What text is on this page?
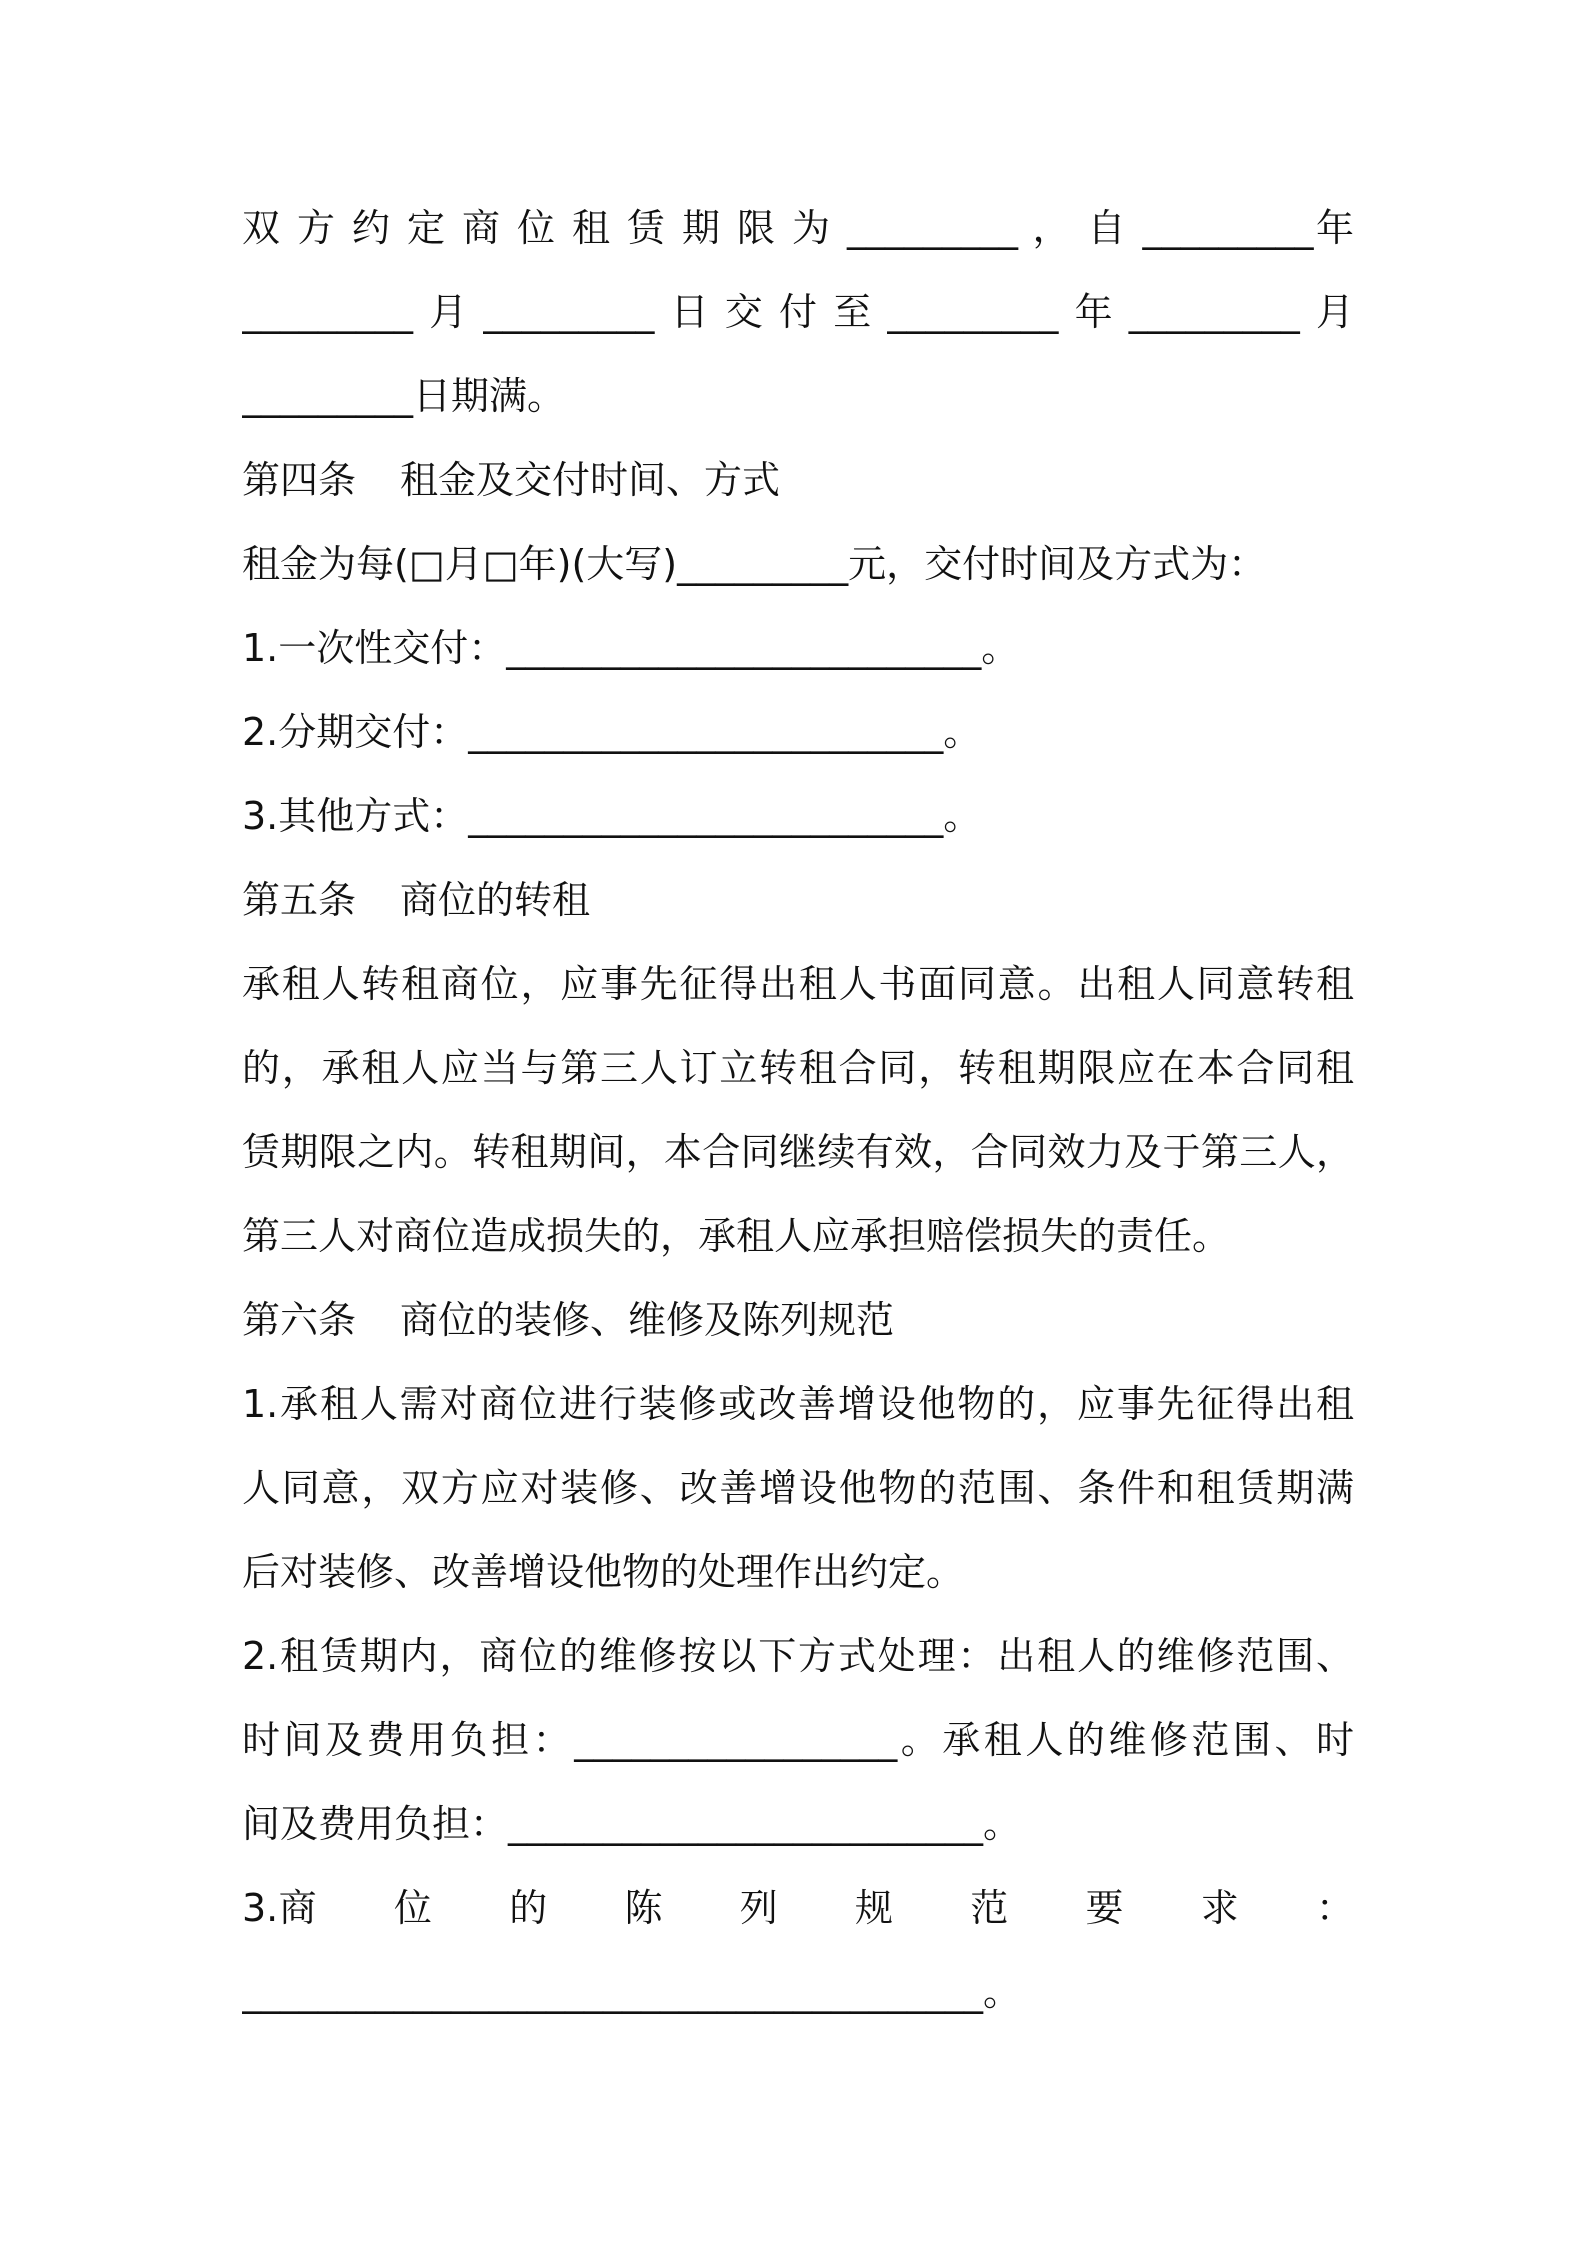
双 方 约 定 商 位 租 赁 期 限 为 _________ ， 自 _________年
_________月_________日交付至_________年_________月
_________日期满。
第四条 租金及交付时间、方式
租金为每(□月□年)(大写)_________元，交付时间及方式为：
1.一次性交付：_________________________。
2.分期交付：_________________________。
3.其他方式：_________________________。
第五条 商位的转租
承租人转租商位，应事先征得出租人书面同意。出租人同意转租
的，承租人应当与第三人订立转租合同，转租期限应在本合同租
赁期限之内。转租期间，本合同继续有效，合同效力及于第三人，
第三人对商位造成损失的，承租人应承担赔偿损失的责任。
第六条 商位的装修、维修及陈列规范
1.承租人需对商位进行装修或改善增设他物的，应事先征得出租
人同意，双方应对装修、改善增设他物的范围、条件和租赁期满
后对装修、改善增设他物的处理作出约定。
2.租赁期内，商位的维修按以下方式处理：出租人的维修范围、
时间及费用负担：_________________。承租人的维修范围、时
间及费用负担：_________________________。
3.商　　位　　的　　陈　　列　　规　　范　　要　　求　　：
_______________________________________。
